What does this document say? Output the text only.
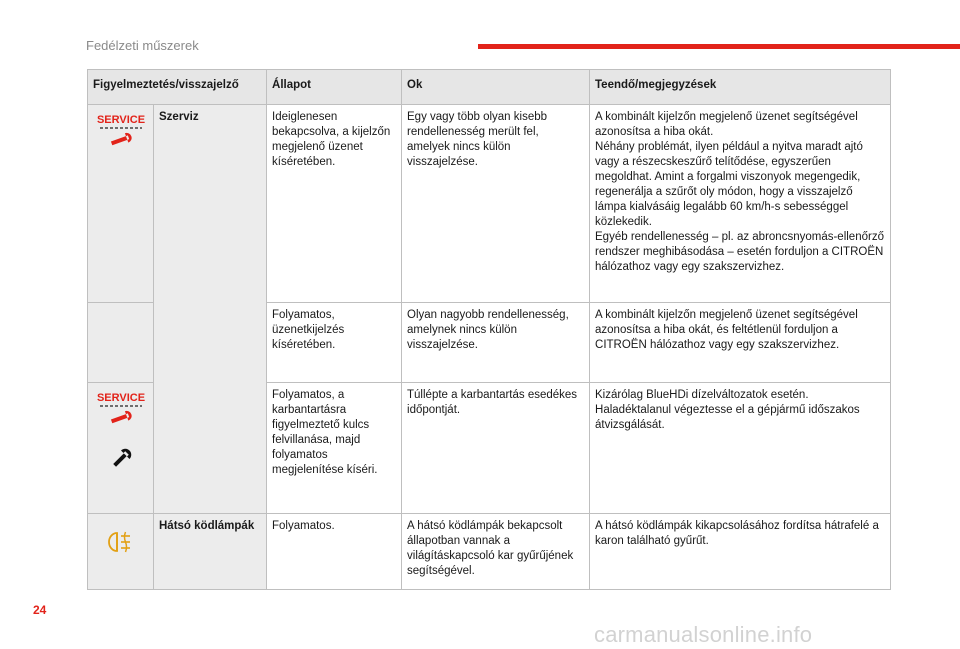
Fedélzeti műszerek
Figyelmeztetés/visszajelző		Állapot	Ok	Teendő/megjegyzések

SERVICE	Szerviz	Ideiglenesen bekapcsolva, a kijelzőn megjelenő üzenet kíséretében.	Egy vagy több olyan kisebb rendellenesség merült fel, amelyek nincs külön visszajelzése.	A kombinált kijelzőn megjelenő üzenet segítségével azonosítsa a hiba okát.
Néhány problémát, ilyen például a nyitva maradt ajtó vagy a részecskeszűrő telítődése, egyszerűen megoldhat. Amint a forgalmi viszonyok megengedik, regenerálja a szűrőt oly módon, hogy a visszajelző lámpa kialvásáig legalább 60 km/h-s sebességgel közlekedik.
Egyéb rendellenesség – pl. az abroncsnyomás-ellenőrző rendszer meghibásodása – esetén forduljon a CITROËN hálózathoz vagy egy szakszervizhez.
		Folyamatos, üzenetkijelzés kíséretében.	Olyan nagyobb rendellenesség, amelynek nincs külön visszajelzése.	A kombinált kijelzőn megjelenő üzenet segítségével azonosítsa a hiba okát, és feltétlenül forduljon a CITROËN hálózathoz vagy egy szakszervizhez.

SERVICE		Folyamatos, a karbantartásra figyelmeztető kulcs felvillanása, majd folyamatos megjelenítése kíséri.	Túllépte a karbantartás esedékes időpontját.	Kizárólag BlueHDi dízelváltozatok esetén.
Haladéktalanul végeztesse el a gépjármű időszakos átvizsgálását.

	Hátsó ködlámpák	Folyamatos.	A hátsó ködlámpák bekapcsolt állapotban vannak a világításkapcsoló kar gyűrűjének segítségével.	A hátsó ködlámpák kikapcsolásához fordítsa hátrafelé a karon található gyűrűt.
24
carmanualsonline.info
